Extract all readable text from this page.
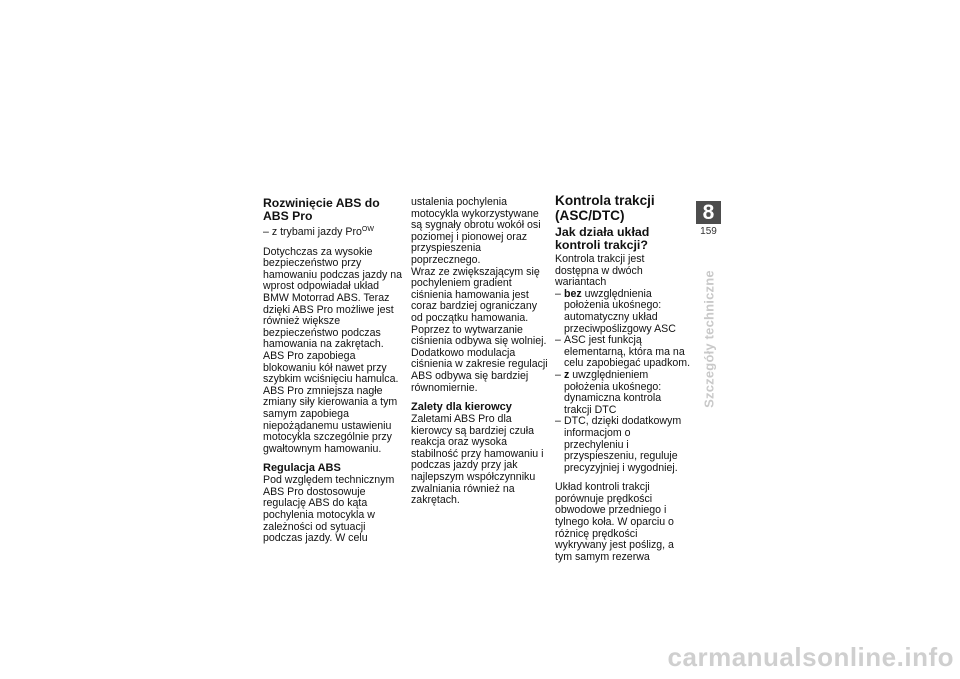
Rozwinięcie ABS do ABS Pro

– z trybami jazdy Pro$^{OW}$

Dotychczas za wysokie bezpieczeństwo przy hamowaniu podczas jazdy na wprost odpowiadał układ BMW Motorrad ABS. Teraz dzięki ABS Pro możliwe jest również większe bezpieczeństwo podczas hamowania na zakrętach. ABS Pro zapobiega blokowaniu kół nawet przy szybkim wciśnięciu hamulca. ABS Pro zmniejsza nagłe zmiany siły kierowania a tym samym zapobiega niepożądanemu ustawieniu motocykla szczególnie przy gwałtownym hamowaniu.

Regulacja ABS

Pod względem technicznym ABS Pro dostosowuje regulację ABS do kąta pochylenia motocykla w zależności od sytuacji podczas jazdy. W celu

ustalenia pochylenia motocykla wykorzystywane są sygnały obrotu wokół osi poziomej i pionowej oraz przyspieszenia poprzecznego.

Wraz ze zwiększającym się pochyleniem gradient ciśnienia hamowania jest coraz bardziej ograniczany od początku hamowania. Poprzez to wytwarzanie ciśnienia odbywa się wolniej. Dodatkowo modulacja ciśnienia w zakresie regulacji ABS odbywa się bardziej równomiernie.

Zalety dla kierowcy

Zaletami ABS Pro dla kierowcy są bardziej czuła reakcja oraz wysoka stabilność przy hamowaniu i podczas jazdy przy jak najlepszym współczynniku zwalniania również na zakrętach.

Kontrola trakcji (ASC/DTC)
Jak działa układ kontroli trakcji?

Kontrola trakcji jest dostępna w dwóch wariantach

– bez uwzględnienia położenia ukośnego: automatyczny układ przeciwpoślizgowy ASC
– ASC jest funkcją elementarną, która ma na celu zapobiegać upadkom.
– z uwzględnieniem położenia ukośnego: dynamiczna kontrola trakcji DTC
– DTC, dzięki dodatkowym informacjom o przechyleniu i przyspieszeniu, reguluje precyzyjniej i wygodniej.

Układ kontroli trakcji porównuje prędkości obwodowe przedniego i tylnego koła. W oparciu o różnicę prędkości wykrywany jest poślizg, a tym samym rezerwa

8
159
Szczegóły techniczne
carmanualsonline.info
